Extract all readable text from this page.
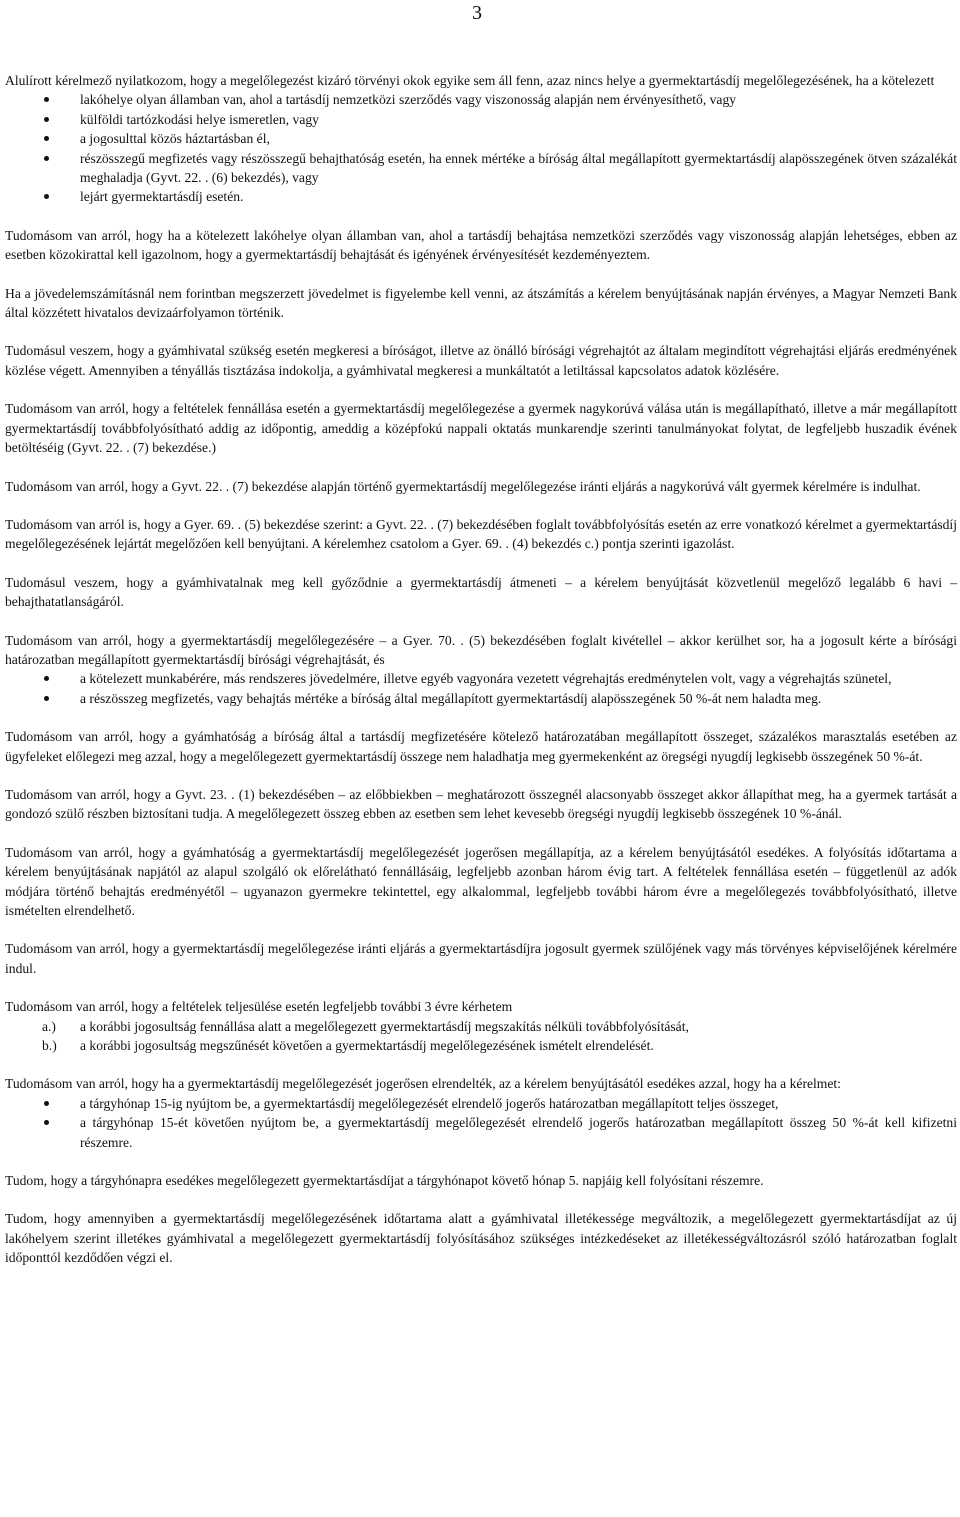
3

Alulírott kérelmező nyilatkozom, hogy a megelőlegezést kizáró törvényi okok egyike sem áll fenn, azaz nincs helye a gyermektartásdíj megelőlegezésének, ha a kötelezett

lakóhelye olyan államban van, ahol a tartásdíj nemzetközi szerződés vagy viszonosság alapján nem érvényesíthető, vagy
külföldi tartózkodási helye ismeretlen, vagy
a jogosulttal közös háztartásban él,
részösszegű megfizetés vagy részösszegű behajthatóság esetén, ha ennek mértéke a bíróság által megállapított gyermektartásdíj alapösszegének ötven százalékát meghaladja (Gyvt. 22. . (6) bekezdés), vagy
lejárt gyermektartásdíj esetén.

Tudomásom van arról, hogy ha a kötelezett lakóhelye olyan államban van, ahol a tartásdíj behajtása nemzetközi szerződés vagy viszonosság alapján lehetséges, ebben az esetben közokirattal kell igazolnom, hogy a gyermektartásdíj behajtását és igényének érvényesítését kezdeményeztem.

Ha a jövedelemszámításnál nem forintban megszerzett jövedelmet is figyelembe kell venni, az átszámítás a kérelem benyújtásának napján érvényes, a Magyar Nemzeti Bank által közzétett hivatalos devizaárfolyamon történik.

Tudomásul veszem, hogy a gyámhivatal szükség esetén megkeresi a bíróságot, illetve az önálló bírósági végrehajtót az általam megindított végrehajtási eljárás eredményének közlése végett. Amennyiben a tényállás tisztázása indokolja, a gyámhivatal megkeresi a munkáltatót a letiltással kapcsolatos adatok közlésére.

Tudomásom van arról, hogy a feltételek fennállása esetén a gyermektartásdíj megelőlegezése a gyermek nagykorúvá válása után is megállapítható, illetve a már megállapított gyermektartásdíj továbbfolyósítható addig az időpontig, ameddig a középfokú nappali oktatás munkarendje szerinti tanulmányokat folytat, de legfeljebb huszadik évének betöltéséig (Gyvt. 22. . (7) bekezdése.)

Tudomásom van arról, hogy a Gyvt. 22. . (7) bekezdése alapján történő gyermektartásdíj megelőlegezése iránti eljárás a nagykorúvá vált gyermek kérelmére is indulhat.

Tudomásom van arról is, hogy a Gyer. 69. . (5) bekezdése szerint: a Gyvt. 22. . (7) bekezdésében foglalt továbbfolyósítás esetén az erre vonatkozó kérelmet a gyermektartásdíj megelőlegezésének lejártát megelőzően kell benyújtani. A kérelemhez csatolom a Gyer. 69. . (4) bekezdés c.) pontja szerinti igazolást.

Tudomásul veszem, hogy a gyámhivatalnak meg kell győződnie a gyermektartásdíj átmeneti – a kérelem benyújtását közvetlenül megelőző legalább 6 havi – behajthatatlanságáról.

Tudomásom van arról, hogy a gyermektartásdíj megelőlegezésére – a Gyer. 70. . (5) bekezdésében foglalt kivétellel – akkor kerülhet sor, ha a jogosult kérte a bírósági határozatban megállapított gyermektartásdíj bírósági végrehajtását, és

a kötelezett munkabérére, más rendszeres jövedelmére, illetve egyéb vagyonára vezetett végrehajtás eredménytelen volt, vagy a végrehajtás szünetel,
a részösszeg megfizetés, vagy behajtás mértéke a bíróság által megállapított gyermektartásdíj alapösszegének 50 %-át nem haladta meg.

Tudomásom van arról, hogy a gyámhatóság a bíróság által a tartásdíj megfizetésére kötelező határozatában megállapított összeget, százalékos marasztalás esetében az ügyfeleket előlegezi meg azzal, hogy a megelőlegezett gyermektartásdíj összege nem haladhatja meg gyermekenként az öregségi nyugdíj legkisebb összegének 50 %-át.

Tudomásom van arról, hogy a Gyvt. 23. . (1) bekezdésében – az előbbiekben – meghatározott összegnél alacsonyabb összeget akkor állapíthat meg, ha a gyermek tartását a gondozó szülő részben biztosítani tudja. A megelőlegezett összeg ebben az esetben sem lehet kevesebb öregségi nyugdíj legkisebb összegének 10 %-ánál.

Tudomásom van arról, hogy a gyámhatóság a gyermektartásdíj megelőlegezését jogerősen megállapítja, az a kérelem benyújtásától esedékes. A folyósítás időtartama a kérelem benyújtásának napjától az alapul szolgáló ok előrelátható fennállásáig, legfeljebb azonban három évig tart. A feltételek fennállása esetén – függetlenül az adók módjára történő behajtás eredményétől – ugyanazon gyermekre tekintettel, egy alkalommal, legfeljebb további három évre a megelőlegezés továbbfolyósítható, illetve ismételten elrendelhető.

Tudomásom van arról, hogy a gyermektartásdíj megelőlegezése iránti eljárás a gyermektartásdíjra jogosult gyermek szülőjének vagy más törvényes képviselőjének kérelmére indul.

Tudomásom van arról, hogy a feltételek teljesülése esetén legfeljebb további 3 évre kérhetem

a.) a korábbi jogosultság fennállása alatt a megelőlegezett gyermektartásdíj megszakítás nélküli továbbfolyósítását,
b.) a korábbi jogosultság megszűnését követően a gyermektartásdíj megelőlegezésének ismételt elrendelését.

Tudomásom van arról, hogy ha a gyermektartásdíj megelőlegezését jogerősen elrendelték, az a kérelem benyújtásától esedékes azzal, hogy ha a kérelmet:

a tárgyhónap 15-ig nyújtom be, a gyermektartásdíj megelőlegezését elrendelő jogerős határozatban megállapított teljes összeget,
a tárgyhónap 15-ét követően nyújtom be, a gyermektartásdíj megelőlegezését elrendelő jogerős határozatban megállapított összeg 50 %-át kell kifizetni részemre.

Tudom, hogy a tárgyhónapra esedékes megelőlegezett gyermektartásdíjat a tárgyhónapot követő hónap 5. napjáig kell folyósítani részemre.

Tudom, hogy amennyiben a gyermektartásdíj megelőlegezésének időtartama alatt a gyámhivatal illetékessége megváltozik, a megelőlegezett gyermektartásdíjat az új lakóhelyem szerint illetékes gyámhivatal a megelőlegezett gyermektartásdíj folyósításához szükséges intézkedéseket az illetékességváltozásról szóló határozatban foglalt időponttól kezdődően végzi el.
